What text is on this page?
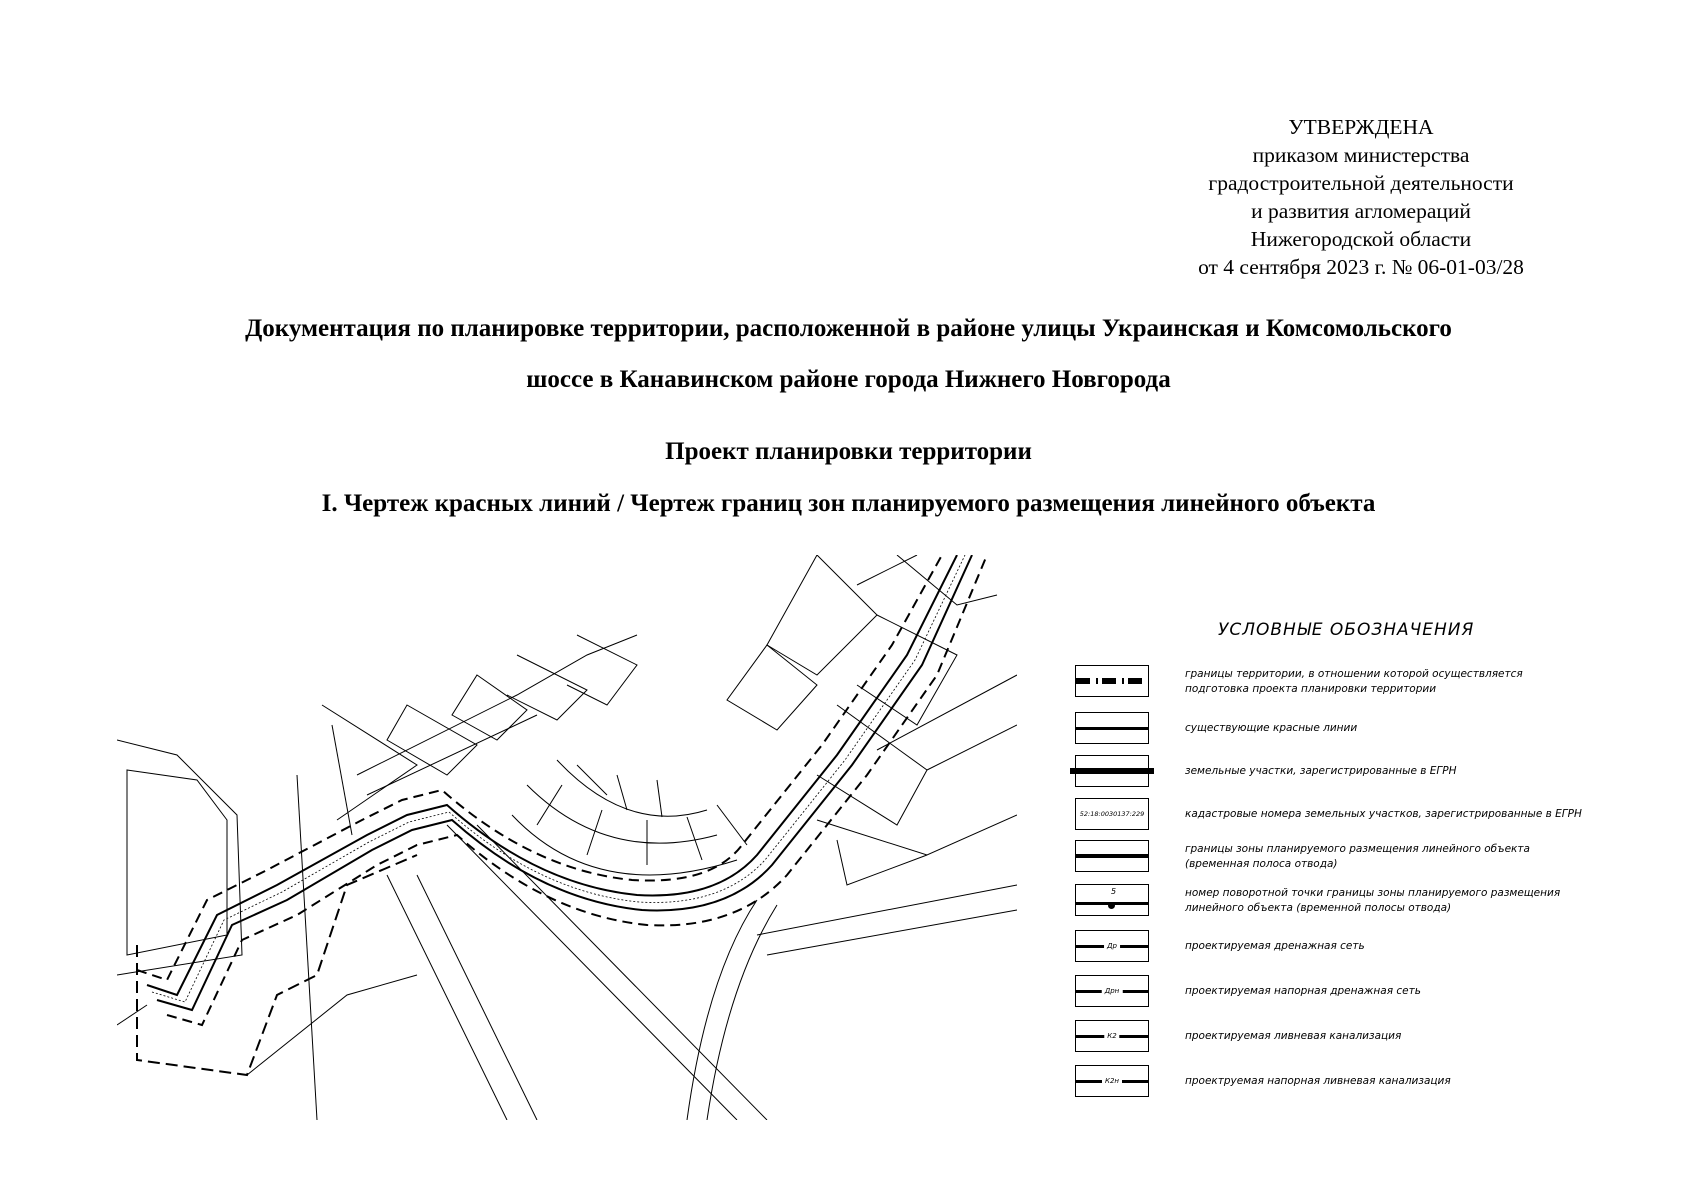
УТВЕРЖДЕНА
приказом министерства
градостроительной деятельности
и развития агломераций
Нижегородской области
от 4 сентября 2023 г. № 06-01-03/28
Документация по планировке территории, расположенной в районе улицы Украинская и Комсомольского
шоссе в Канавинском районе города Нижнего Новгорода
Проект планировки территории
I. Чертеж красных линий / Чертеж границ зон планируемого размещения линейного объекта
УСЛОВНЫЕ ОБОЗНАЧЕНИЯ
границы территории, в отношении которой осуществляется
подготовка проекта планировки территории
существующие красные линии
земельные участки, зарегистрированные в ЕГРН
52:18:0030137:229	кадастровые номера земельных участков, зарегистрированные в ЕГРН
границы зоны планируемого размещения линейного объекта
(временная полоса отвода)
5	номер поворотной точки границы зоны планируемого размещения
линейного объекта (временной полосы отвода)
Др	проектируемая дренажная сеть
Дрн	проектируемая напорная дренажная сеть
К2	проектируемая ливневая канализация
К2н	проектруемая напорная ливневая канализация
